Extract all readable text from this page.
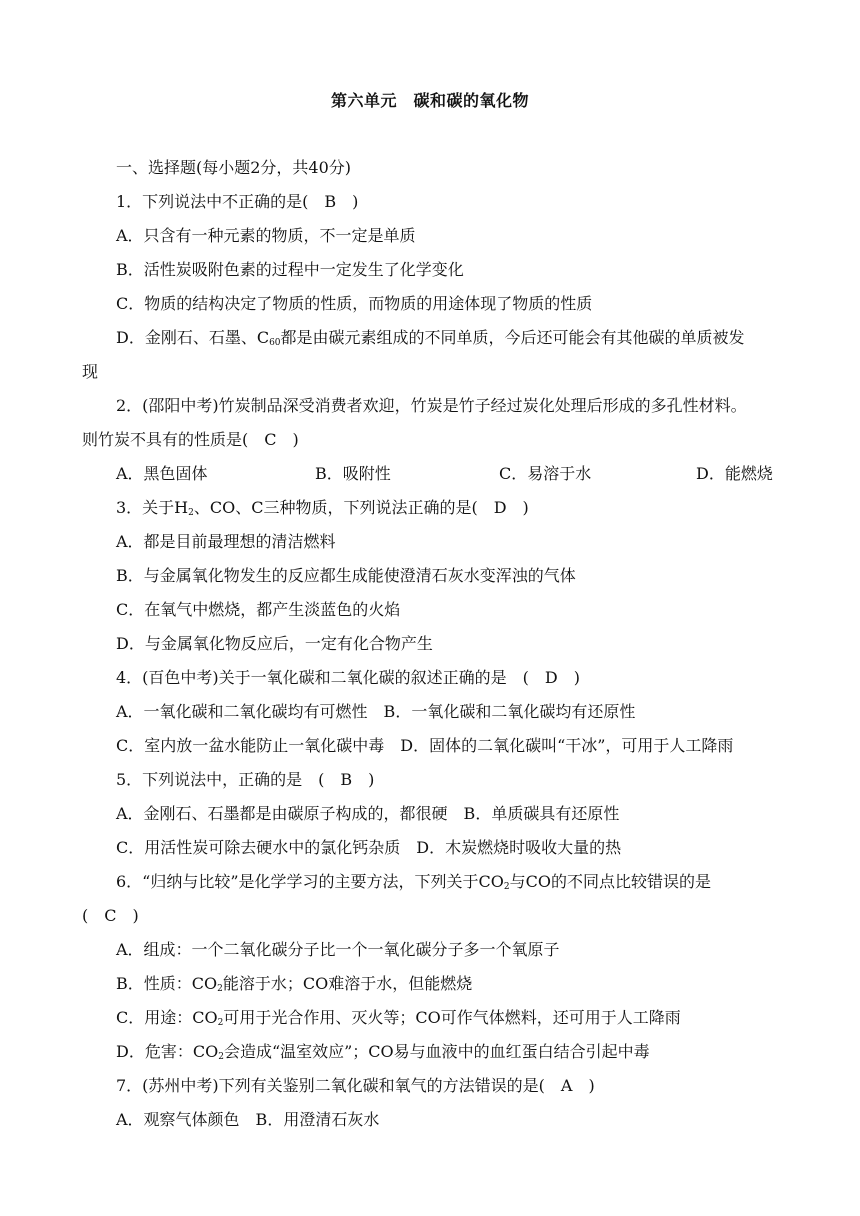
第六单元　碳和碳的氧化物
一、选择题(每小题2分，共40分)
1．下列说法中不正确的是(　B　)
A．只含有一种元素的物质，不一定是单质
B．活性炭吸附色素的过程中一定发生了化学变化
C．物质的结构决定了物质的性质，而物质的用途体现了物质的性质
D．金刚石、石墨、$C_{60}$都是由碳元素组成的不同单质，今后还可能会有其他碳的单质被发
现
2．(邵阳中考)竹炭制品深受消费者欢迎，竹炭是竹子经过炭化处理后形成的多孔性材料。
则竹炭不具有的性质是(　C　)
A．黑色固体	B．吸附性	C．易溶于水	D．能燃烧
3．关于$H_2$、CO、C三种物质，下列说法正确的是(　D　)
A．都是目前最理想的清洁燃料
B．与金属氧化物发生的反应都生成能使澄清石灰水变浑浊的气体
C．在氧气中燃烧，都产生淡蓝色的火焰
D．与金属氧化物反应后，一定有化合物产生
4．(百色中考)关于一氧化碳和二氧化碳的叙述正确的是　(　D　)
A．一氧化碳和二氧化碳均有可燃性　B．一氧化碳和二氧化碳均有还原性
C．室内放一盆水能防止一氧化碳中毒　D．固体的二氧化碳叫“干冰”，可用于人工降雨
5．下列说法中，正确的是　(　B　)
A．金刚石、石墨都是由碳原子构成的，都很硬　B．单质碳具有还原性
C．用活性炭可除去硬水中的氯化钙杂质　D．木炭燃烧时吸收大量的热
6．“归纳与比较”是化学学习的主要方法，下列关于$CO_2$与CO的不同点比较错误的是
(　C　)
A．组成：一个二氧化碳分子比一个一氧化碳分子多一个氧原子
B．性质：$CO_2$能溶于水；CO难溶于水，但能燃烧
C．用途：$CO_2$可用于光合作用、灭火等；CO可作气体燃料，还可用于人工降雨
D．危害：$CO_2$会造成“温室效应”；CO易与血液中的血红蛋白结合引起中毒
7．(苏州中考)下列有关鉴别二氧化碳和氧气的方法错误的是(　A　)
A．观察气体颜色　B．用澄清石灰水
